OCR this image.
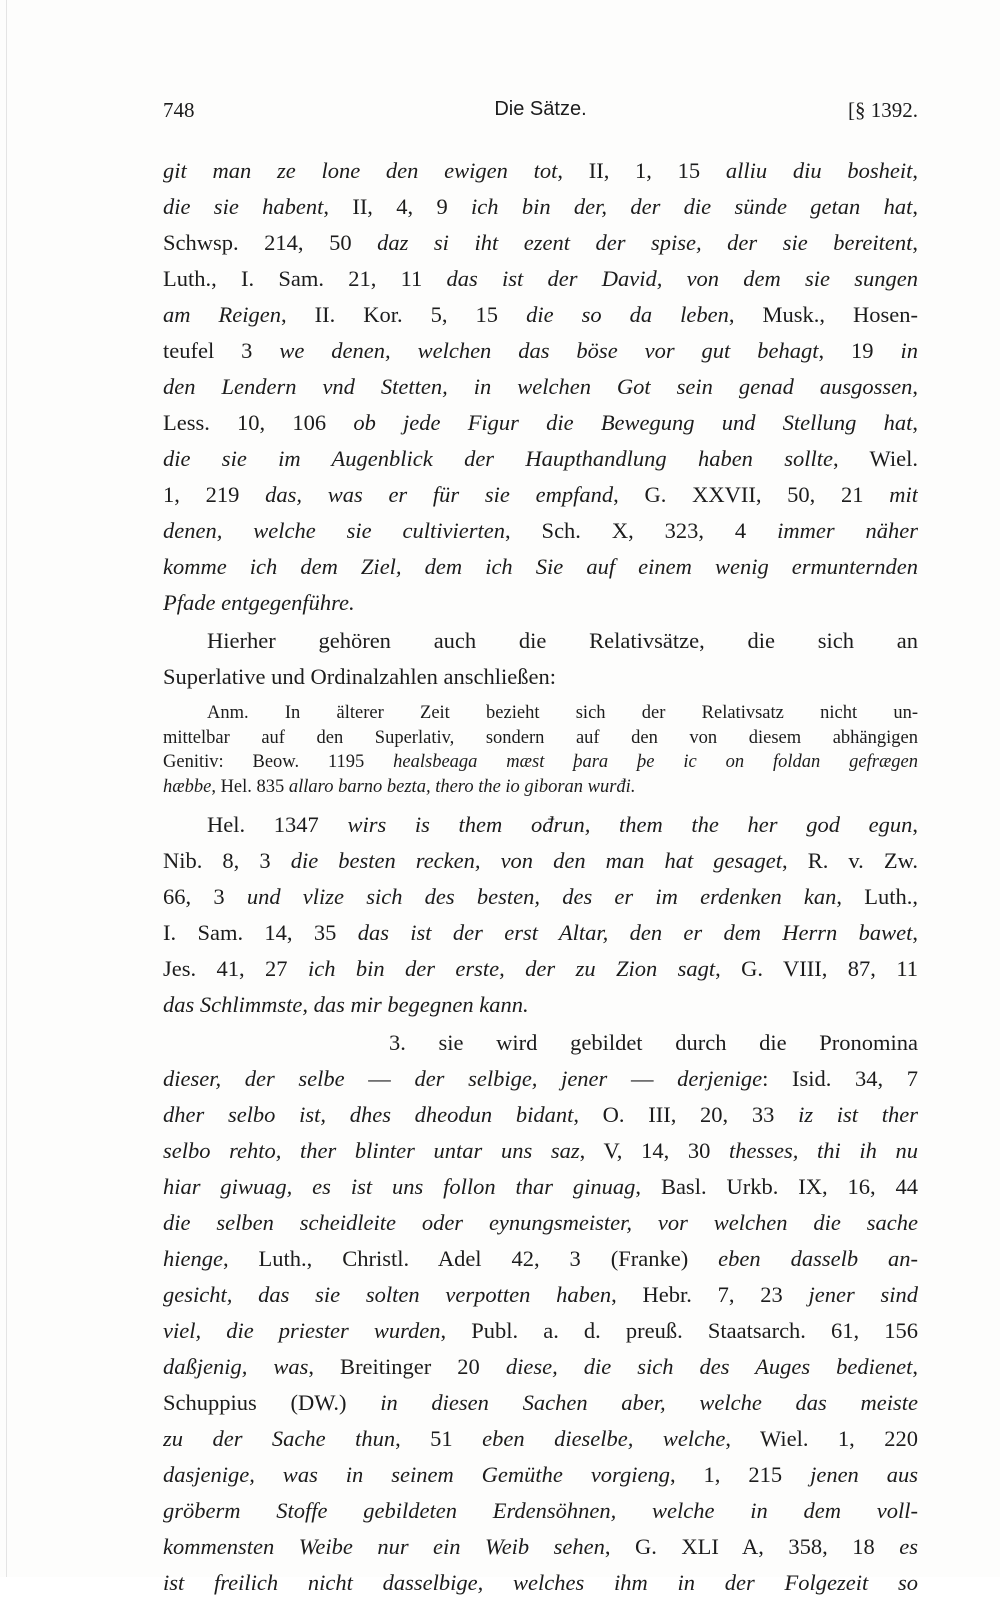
748	Die Sätze.	[§ 1392.
git man ze lone den ewigen tot, II, 1, 15 alliu diu bosheit,
die sie habent, II, 4, 9 ich bin der, der die sünde getan hat,
Schwsp. 214, 50 daz si iht ezent der spise, der sie bereitent,
Luth., I. Sam. 21, 11 das ist der David, von dem sie sungen
am Reigen, II. Kor. 5, 15 die so da leben, Musk., Hosen-
teufel 3 we denen, welchen das böse vor gut behagt, 19 in
den Lendern vnd Stetten, in welchen Got sein genad ausgossen,
Less. 10, 106 ob jede Figur die Bewegung und Stellung hat,
die sie im Augenblick der Haupthandlung haben sollte, Wiel.
1, 219 das, was er für sie empfand, G. XXVII, 50, 21 mit
denen, welche sie cultivierten, Sch. X, 323, 4 immer näher
komme ich dem Ziel, dem ich Sie auf einem wenig ermunternden
Pfade entgegenführe.
Hierher gehören auch die Relativsätze, die sich an
Superlative und Ordinalzahlen anschließen:
Anm. In älterer Zeit bezieht sich der Relativsatz nicht un-
mittelbar auf den Superlativ, sondern auf den von diesem abhängigen
Genitiv: Beow. 1195 healsbeaga mæst þara þe ic on foldan gefrægen
hæbbe, Hel. 835 allaro barno bezta, thero the io giboran wurđi.
Hel. 1347 wirs is them ođrun, them the her god egun,
Nib. 8, 3 die besten recken, von den man hat gesaget, R. v. Zw.
66, 3 und vlize sich des besten, des er im erdenken kan, Luth.,
I. Sam. 14, 35 das ist der erst Altar, den er dem Herrn bawet,
Jes. 41, 27 ich bin der erste, der zu Zion sagt, G. VIII, 87, 11
das Schlimmste, das mir begegnen kann.
3. sie wird gebildet durch die Pronomina
dieser, der selbe — der selbige, jener — derjenige: Isid. 34, 7
dher selbo ist, dhes dheodun bidant, O. III, 20, 33 iz ist ther
selbo rehto, ther blinter untar uns saz, V, 14, 30 thesses, thi ih nu
hiar giwuag, es ist uns follon thar ginuag, Basl. Urkb. IX, 16, 44
die selben scheidleite oder eynungsmeister, vor welchen die sache
hienge, Luth., Christl. Adel 42, 3 (Franke) eben dasselb an-
gesicht, das sie solten verpotten haben, Hebr. 7, 23 jener sind
viel, die priester wurden, Publ. a. d. preuß. Staatsarch. 61, 156
daßjenig, was, Breitinger 20 diese, die sich des Auges bedienet,
Schuppius (DW.) in diesen Sachen aber, welche das meiste
zu der Sache thun, 51 eben dieselbe, welche, Wiel. 1, 220
dasjenige, was in seinem Gemüthe vorgieng, 1, 215 jenen aus
gröberm Stoffe gebildeten Erdensöhnen, welche in dem voll-
kommensten Weibe nur ein Weib sehen, G. XLI A, 358, 18 es
ist freilich nicht dasselbige, welches ihm in der Folgezeit so
